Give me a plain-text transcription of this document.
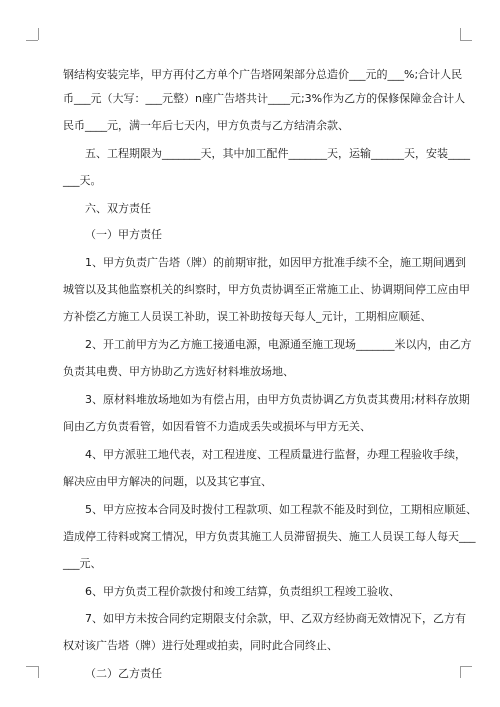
钢结构安装完毕，甲方再付乙方单个广告塔网架部分总造价___元的___%;合计人民
币___元（大写：___元整）n座广告塔共计____元;3%作为乙方的保修保障金合计人
民币____元，满一年后七天内，甲方负责与乙方结清余款、
五、工程期限为_______天，其中加工配件_______天，运输______天，安装____
___天。
六、双方责任
（一）甲方责任
1、甲方负责广告塔（牌）的前期审批，如因甲方批准手续不全，施工期间遇到
城管以及其他监察机关的纠察时，甲方负责协调至正常施工止、协调期间停工应由甲
方补偿乙方施工人员误工补助，误工补助按每天每人_元计，工期相应顺延、
2、开工前甲方为乙方施工接通电源，电源通至施工现场_______米以内，由乙方
负责其电费、甲方协助乙方选好材料堆放场地、
3、原材料堆放场地如为有偿占用，由甲方负责协调乙方负责其费用;材料存放期
间由乙方负责看管，如因看管不力造成丢失或损坏与甲方无关、
4、甲方派驻工地代表，对工程进度、工程质量进行监督，办理工程验收手续，
解决应由甲方解决的问题，以及其它事宜、
5、甲方应按本合同及时拨付工程款项、如工程款不能及时到位，工期相应顺延、
造成停工待料或窝工情况，甲方负责其施工人员滞留损失、施工人员误工每人每天___
___元、
6、甲方负责工程价款拨付和竣工结算，负责组织工程竣工验收、
7、如甲方未按合同约定期限支付余款，甲、乙双方经协商无效情况下，乙方有
权对该广告塔（牌）进行处理或拍卖，同时此合同终止、
（二）乙方责任
